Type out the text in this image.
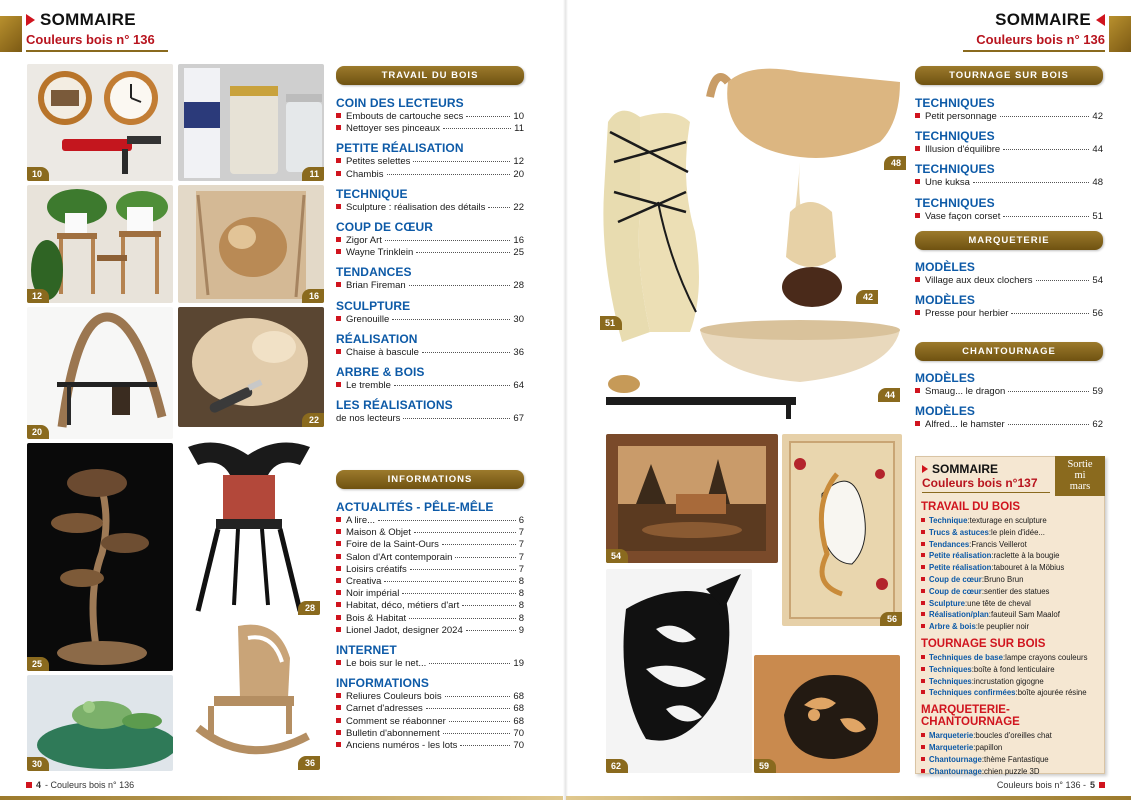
SOMMAIRE
Couleurs bois n° 136
10
12
20
25
30
11
16
22
28
36
TRAVAIL DU BOIS
COIN DES LECTEURS
Embouts de cartouche secs	10
Nettoyer ses pinceaux	11
PETITE RÉALISATION
Petites selettes	12
Chambis	20
TECHNIQUE
Sculpture : réalisation des détails	22
COUP DE CŒUR
Zigor Art	16
Wayne Trinklein	25
TENDANCES
Brian Fireman	28
SCULPTURE
Grenouille	30
RÉALISATION
Chaise à bascule	36
ARBRE & BOIS
Le tremble	64
LES RÉALISATIONS
de nos lecteurs	67
INFORMATIONS
ACTUALITÉS - PÊLE-MÊLE
A lire...	6
Maison & Objet	7
Foire de la Saint-Ours	7
Salon d'Art contemporain	7
Loisirs créatifs	7
Creativa	8
Noir impérial	8
Habitat, déco, métiers d'art	8
Bois & Habitat	8
Lionel Jadot, designer 2024	9
INTERNET
Le bois sur le net...	19
INFORMATIONS
Reliures Couleurs bois	68
Carnet d'adresses	68
Comment se réabonner	68
Bulletin d'abonnement	70
Anciens numéros - les lots	70
4 - Couleurs bois n° 136
SOMMAIRE
Couleurs bois n° 136
51
48
42
44
54
56
62	59
TOURNAGE SUR BOIS
TECHNIQUES
Petit personnage	42
TECHNIQUES
Illusion d'équilibre	44
TECHNIQUES
Une kuksa	48
TECHNIQUES
Vase façon corset	51
MARQUETERIE
MODÈLES
Village aux deux clochers	54
MODÈLES
Presse pour herbier	56
CHANTOURNAGE
MODÈLES
Smaug... le dragon	59
MODÈLES
Alfred... le hamster	62
SOMMAIRE
Couleurs bois n°137
Sortie
mi
mars
TRAVAIL DU BOIS
Technique : texturage en sculpture
Trucs & astuces : le plein d'idée...
Tendances : Francis Veillerot
Petite réalisation : raclette à la bougie
Petite réalisation : tabouret à la Möbius
Coup de cœur : Bruno Brun
Coup de cœur : sentier des statues
Sculpture : une tête de cheval
Réalisation/plan : fauteuil Sam Maalof
Arbre & bois : le peuplier noir
TOURNAGE SUR BOIS
Techniques de base : lampe crayons couleurs
Techniques : boîte à fond lenticulaire
Techniques : incrustation gigogne
Techniques confirmées : boîte ajourée résine
MARQUETERIE-CHANTOURNAGE
Marqueterie : boucles d'oreilles chat
Marqueterie : papillon
Chantournage : thème Fantastique
Chantournage : chien puzzle 3D
Couleurs bois n° 136 - 5
